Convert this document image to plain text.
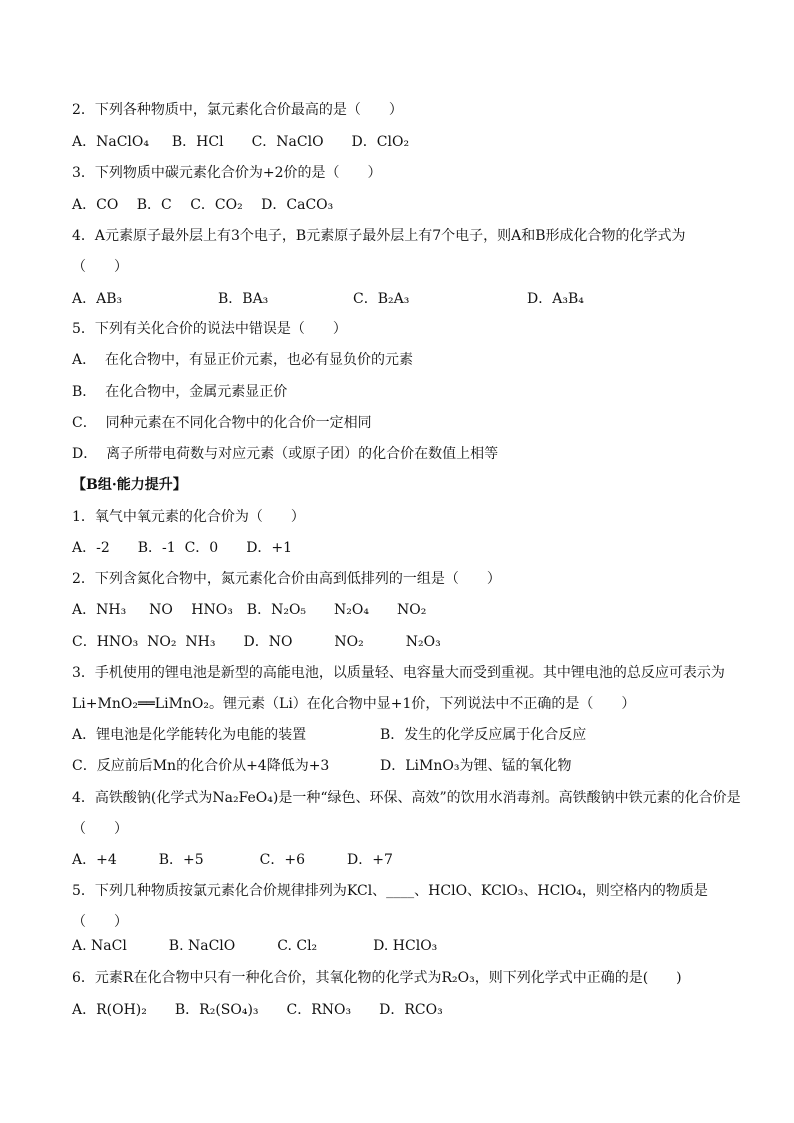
2．下列各种物质中，氯元素化合价最高的是（　　）
A．NaClO₄　  B．HCl　　C．NaClO　　D．ClO₂
3．下列物质中碳元素化合价为+2价的是（　　）
A．CO　 B．C　 C．CO₂　 D．CaCO₃
4．A元素原子最外层上有3个电子，B元素原子最外层上有7个电子，则A和B形成化合物的化学式为
（　　）
A．AB₃	B．BA₃	C．B₂A₃	D．A₃B₄
5．下列有关化合价的说法中错误是（　　）
A．  在化合物中，有显正价元素，也必有显负价的元素
B．  在化合物中，金属元素显正价
C．  同种元素在不同化合物中的化合价一定相同
D．  离子所带电荷数与对应元素（或原子团）的化合价在数值上相等
【B组·能力提升】
1．氧气中氧元素的化合价为（　　）
A．-2　　B．-1  C．0　　D．+1
2．下列含氮化合物中，氮元素化合价由高到低排列的一组是（　　）
A．NH₃　  NO　 HNO₃　B．N₂O₅　　N₂O₄　　NO₂
C．HNO₃  NO₂  NH₃　　D．NO　　　NO₂　　　N₂O₃
3．手机使用的锂电池是新型的高能电池，以质量轻、电容量大而受到重视。其中锂电池的总反应可表示为
Li+MnO₂══LiMnO₂。锂元素（Li）在化合物中显+1价，下列说法中不正确的是（　　）
A．锂电池是化学能转化为电能的装置	B．发生的化学反应属于化合反应
C．反应前后Mn的化合价从+4降低为+3	D．LiMnO₃为锂、锰的氧化物
4．高铁酸钠(化学式为Na₂FeO₄)是一种“绿色、环保、高效”的饮用水消毒剂。高铁酸钠中铁元素的化合价是
（　　）
A．+4　　　B．+5　　　　C．+6　　　D．+7
5．下列几种物质按氯元素化合价规律排列为KCl、____、HClO、KClO₃、HClO₄，则空格内的物质是
（　　）
A. NaCl　　　B. NaClO　　　C. Cl₂　　　　D. HClO₃
6．元素R在化合物中只有一种化合价，其氧化物的化学式为R₂O₃，则下列化学式中正确的是(　　)
A．R(OH)₂　　B．R₂(SO₄)₃　　C．RNO₃　　D．RCO₃
